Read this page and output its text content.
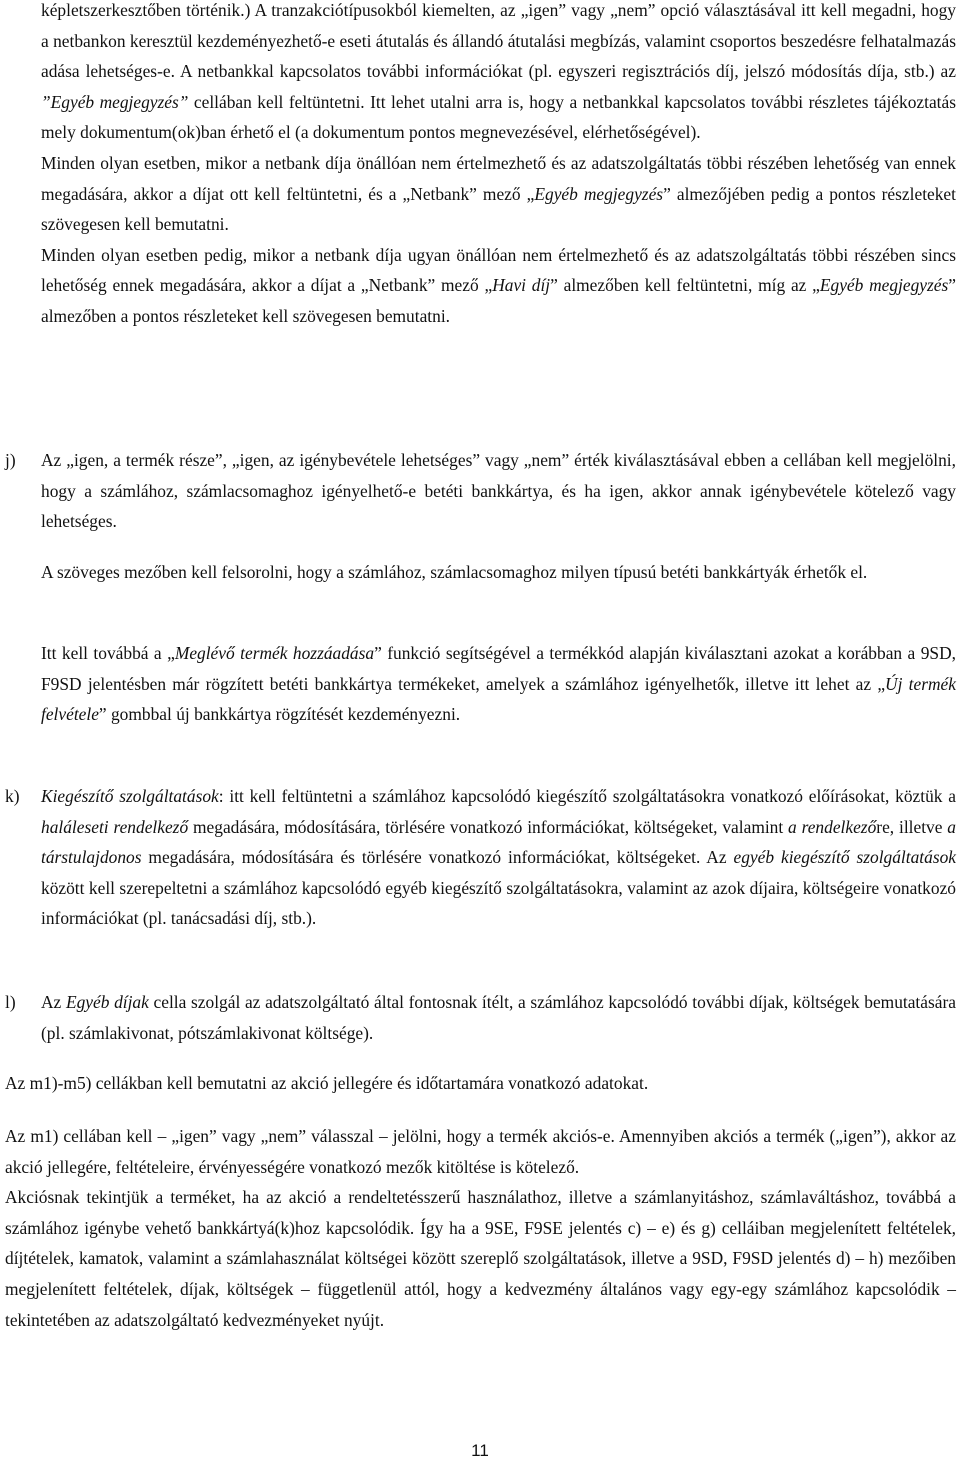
képletszerkesztőben történik.) A tranzakciótípusokból kiemelten, az „igen” vagy „nem” opció választásával itt kell megadni, hogy a netbankon keresztül kezdeményezhető-e eseti átutalás és állandó átutalási megbízás, valamint csoportos beszedésre felhatalmazás adása lehetséges-e. A netbankkal kapcsolatos további információkat (pl. egyszeri regisztrációs díj, jelszó módosítás díja, stb.) az ”Egyéb megjegyzés” cellában kell feltüntetni. Itt lehet utalni arra is, hogy a netbankkal kapcsolatos további részletes tájékoztatás mely dokumentum(ok)ban érhető el (a dokumentum pontos megnevezésével, elérhetőségével).

Minden olyan esetben, mikor a netbank díja önállóan nem értelmezhető és az adatszolgáltatás többi részében lehetőség van ennek megadására, akkor a díjat ott kell feltüntetni, és a „Netbank” mező „Egyéb megjegyzés” almezőjében pedig a pontos részleteket szövegesen kell bemutatni.

Minden olyan esetben pedig, mikor a netbank díja ugyan önállóan nem értelmezhető és az adatszolgáltatás többi részében sincs lehetőség ennek megadására, akkor a díjat a „Netbank” mező „Havi díj” almezőben kell feltüntetni, míg az „Egyéb megjegyzés” almezőben a pontos részleteket kell szövegesen bemutatni.

j) Az „igen, a termék része”, „igen, az igénybevétele lehetséges” vagy „nem” érték kiválasztásával ebben a cellában kell megjelölni, hogy a számlához, számlacsomaghoz igényelhető-e betéti bankkártya, és ha igen, akkor annak igénybevétele kötelező vagy lehetséges.

A szöveges mezőben kell felsorolni, hogy a számlához, számlacsomaghoz milyen típusú betéti bankkártyák érhetők el.

Itt kell továbbá a „Meglévő termék hozzáadása” funkció segítségével a termékkód alapján kiválasztani azokat a korábban a 9SD, F9SD jelentésben már rögzített betéti bankkártya termékeket, amelyek a számlához igényelhetők, illetve itt lehet az „Új termék felvétele” gombbal új bankkártya rögzítését kezdeményezni.

k) Kiegészítő szolgáltatások: itt kell feltüntetni a számlához kapcsolódó kiegészítő szolgáltatásokra vonatkozó előírásokat, köztük a haláleseti rendelkező megadására, módosítására, törlésére vonatkozó információkat, költségeket, valamint a rendelkezőre, illetve a társtulajdonos megadására, módosítására és törlésére vonatkozó információkat, költségeket. Az egyéb kiegészítő szolgáltatások között kell szerepeltetni a számlához kapcsolódó egyéb kiegészítő szolgáltatásokra, valamint az azok díjaira, költségeire vonatkozó információkat (pl. tanácsadási díj, stb.).

l) Az Egyéb díjak cella szolgál az adatszolgáltató által fontosnak ítélt, a számlához kapcsolódó további díjak, költségek bemutatására (pl. számlakivonat, pótszámlakivonat költsége).

Az m1)-m5) cellákban kell bemutatni az akció jellegére és időtartamára vonatkozó adatokat.

Az m1) cellában kell – „igen” vagy „nem” válasszal – jelölni, hogy a termék akciós-e. Amennyiben akciós a termék („igen”), akkor az akció jellegére, feltételeire, érvényességére vonatkozó mezők kitöltése is kötelező.

Akciósnak tekintjük a terméket, ha az akció a rendeltetésszerű használathoz, illetve a számlanyitáshoz, számlaváltáshoz, továbbá a számlához igénybe vehető bankkártyá(k)hoz kapcsolódik. Így ha a 9SE, F9SE jelentés c) – e) és g) celláiban megjelenített feltételek, díjtételek, kamatok, valamint a számlahasználat költségei között szereplő szolgáltatások, illetve a 9SD, F9SD jelentés d) – h) mezőiben megjelenített feltételek, díjak, költségek – függetlenül attól, hogy a kedvezmény általános vagy egy-egy számlához kapcsolódik – tekintetében az adatszolgáltató kedvezményeket nyújt.

11
